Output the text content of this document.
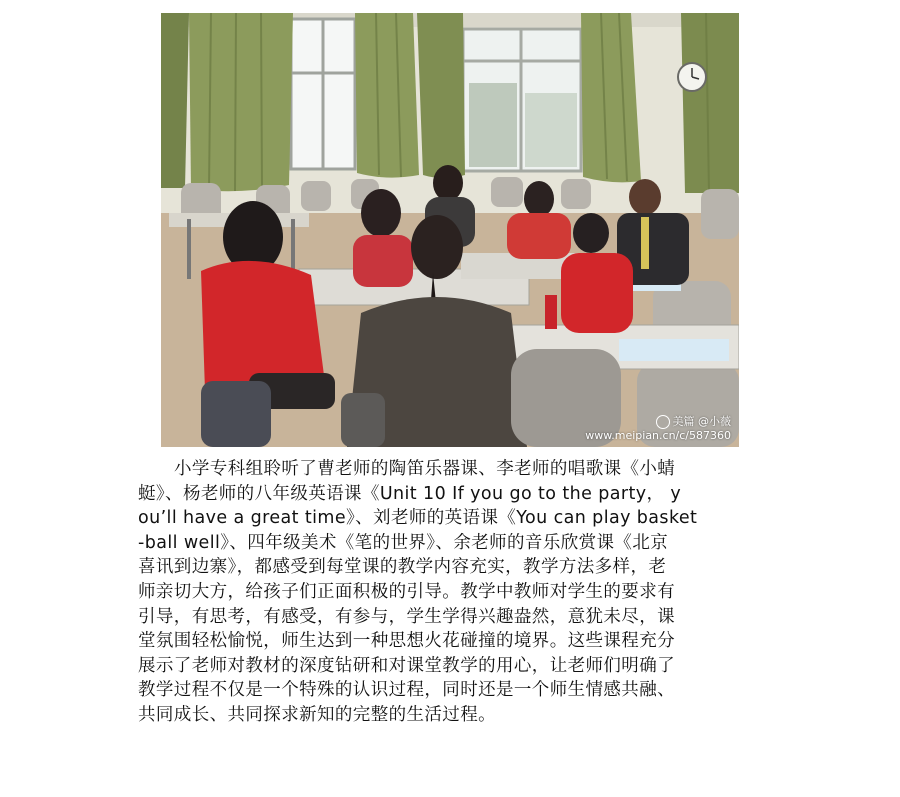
美篇 @小薇
www.meipian.cn/c/587360
小学专科组聆听了曹老师的陶笛乐器课、李老师的唱歌课《小蜻
蜓》、杨老师的八年级英语课《Unit 10 If you go to the party， y
ou’ll have a great time》、刘老师的英语课《You can play basket
-ball well》、四年级美术《笔的世界》、余老师的音乐欣赏课《北京
喜讯到边寨》，都感受到每堂课的教学内容充实，教学方法多样，老
师亲切大方，给孩子们正面积极的引导。教学中教师对学生的要求有
引导，有思考，有感受，有参与，学生学得兴趣盎然，意犹未尽，课
堂氛围轻松愉悦，师生达到一种思想火花碰撞的境界。这些课程充分
展示了老师对教材的深度钻研和对课堂教学的用心，让老师们明确了
教学过程不仅是一个特殊的认识过程，同时还是一个师生情感共融、
共同成长、共同探求新知的完整的生活过程。
